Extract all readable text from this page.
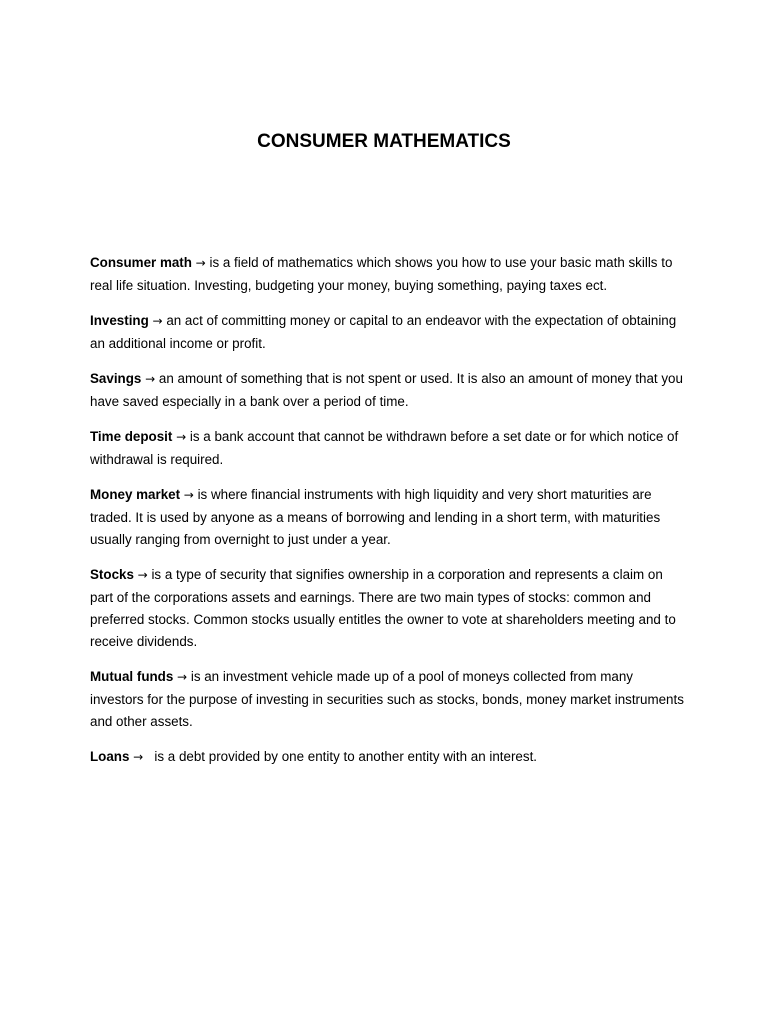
CONSUMER MATHEMATICS

Consumer math → is a field of mathematics which shows you how to use your basic math skills to real life situation. Investing, budgeting your money, buying something, paying taxes ect.

Investing → an act of committing money or capital to an endeavor with the expectation of obtaining an additional income or profit.

Savings → an amount of something that is not spent or used. It is also an amount of money that you have saved especially in a bank over a period of time.

Time deposit → is a bank account that cannot be withdrawn before a set date or for which notice of withdrawal is required.

Money market → is where financial instruments with high liquidity and very short maturities are traded. It is used by anyone as a means of borrowing and lending in a short term, with maturities usually ranging from overnight to just under a year.

Stocks → is a type of security that signifies ownership in a corporation and represents a claim on part of the corporations assets and earnings. There are two main types of stocks: common and preferred stocks. Common stocks usually entitles the owner to vote at shareholders meeting and to receive dividends.

Mutual funds → is an investment vehicle made up of a pool of moneys collected from many investors for the purpose of investing in securities such as stocks, bonds, money market instruments and other assets.

Loans → is a debt provided by one entity to another entity with an interest.
